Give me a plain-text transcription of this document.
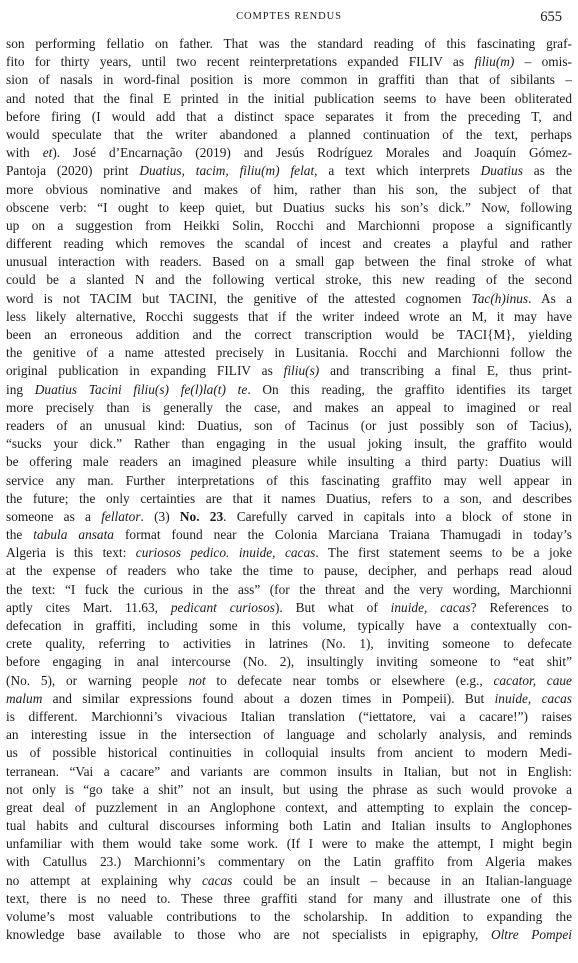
COMPTES RENDUS	655
son performing fellatio on father. That was the standard reading of this fascinating graf-
fito for thirty years, until two recent reinterpretations expanded FILIV as filiu(m) – omis-
sion of nasals in word-final position is more common in graffiti than that of sibilants –
and noted that the final E printed in the initial publication seems to have been obliterated
before firing (I would add that a distinct space separates it from the preceding T, and
would speculate that the writer abandoned a planned continuation of the text, perhaps
with et). José d’Encarnação (2019) and Jesús Rodríguez Morales and Joaquín Gómez-
Pantoja (2020) print Duatius, tacim, filiu(m) felat, a text which interprets Duatius as the
more obvious nominative and makes of him, rather than his son, the subject of that
obscene verb: “I ought to keep quiet, but Duatius sucks his son’s dick.” Now, following
up on a suggestion from Heikki Solin, Rocchi and Marchionni propose a significantly
different reading which removes the scandal of incest and creates a playful and rather
unusual interaction with readers. Based on a small gap between the final stroke of what
could be a slanted N and the following vertical stroke, this new reading of the second
word is not TACIM but TACINI, the genitive of the attested cognomen Tac(h)inus. As a
less likely alternative, Rocchi suggests that if the writer indeed wrote an M, it may have
been an erroneous addition and the correct transcription would be TACI{M}, yielding
the genitive of a name attested precisely in Lusitania. Rocchi and Marchionni follow the
original publication in expanding FILIV as filiu(s) and transcribing a final E, thus print-
ing Duatius Tacini filiu(s) fe(l)la(t) te. On this reading, the graffito identifies its target
more precisely than is generally the case, and makes an appeal to imagined or real
readers of an unusual kind: Duatius, son of Tacinus (or just possibly son of Tacius),
“sucks your dick.” Rather than engaging in the usual joking insult, the graffito would
be offering male readers an imagined pleasure while insulting a third party: Duatius will
service any man. Further interpretations of this fascinating graffito may well appear in
the future; the only certainties are that it names Duatius, refers to a son, and describes
someone as a fellator. (3) No. 23. Carefully carved in capitals into a block of stone in
the tabula ansata format found near the Colonia Marciana Traiana Thamugadi in today’s
Algeria is this text: curiosos pedico. inuide, cacas. The first statement seems to be a joke
at the expense of readers who take the time to pause, decipher, and perhaps read aloud
the text: “I fuck the curious in the ass” (for the threat and the very wording, Marchionni
aptly cites Mart. 11.63, pedicant curiosos). But what of inuide, cacas? References to
defecation in graffiti, including some in this volume, typically have a contextually con-
crete quality, referring to activities in latrines (No. 1), inviting someone to defecate
before engaging in anal intercourse (No. 2), insultingly inviting someone to “eat shit”
(No. 5), or warning people not to defecate near tombs or elsewhere (e.g., cacator, caue
malum and similar expressions found about a dozen times in Pompeii). But inuide, cacas
is different. Marchionni’s vivacious Italian translation (“iettatore, vai a cacare!”) raises
an interesting issue in the intersection of language and scholarly analysis, and reminds
us of possible historical continuities in colloquial insults from ancient to modern Medi-
terranean. “Vai a cacare” and variants are common insults in Italian, but not in English:
not only is “go take a shit” not an insult, but using the phrase as such would provoke a
great deal of puzzlement in an Anglophone context, and attempting to explain the concep-
tual habits and cultural discourses informing both Latin and Italian insults to Anglophones
unfamiliar with them would take some work. (If I were to make the attempt, I might begin
with Catullus 23.) Marchionni’s commentary on the Latin graffito from Algeria makes
no attempt at explaining why cacas could be an insult – because in an Italian-language
text, there is no need to. These three graffiti stand for many and illustrate one of this
volume’s most valuable contributions to the scholarship. In addition to expanding the
knowledge base available to those who are not specialists in epigraphy, Oltre Pompei
